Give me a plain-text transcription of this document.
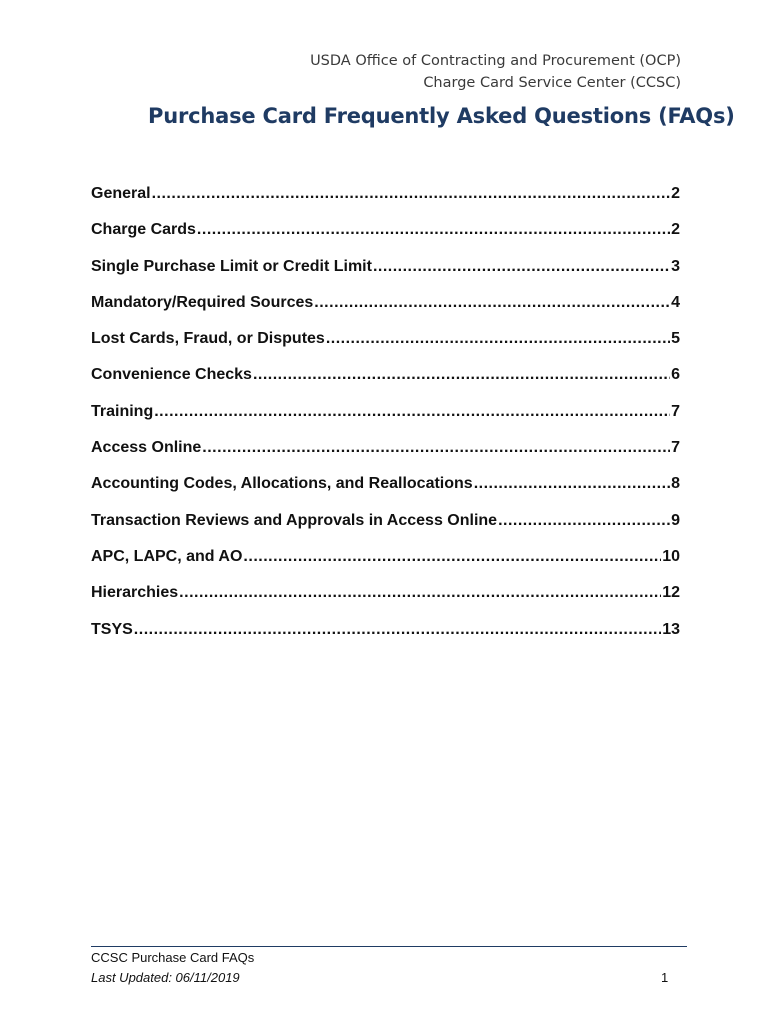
USDA Office of Contracting and Procurement (OCP)
Charge Card Service Center (CCSC)
Purchase Card Frequently Asked Questions (FAQs)
General .....	2
Charge Cards .....	2
Single Purchase Limit or Credit Limit .....	3
Mandatory/Required Sources .....	4
Lost Cards, Fraud, or Disputes .....	5
Convenience Checks .....	6
Training .....	7
Access Online .....	7
Accounting Codes, Allocations, and Reallocations .....	8
Transaction Reviews and Approvals in Access Online .....	9
APC, LAPC, and AO .....	10
Hierarchies .....	12
TSYS .....	13
CCSC Purchase Card FAQs
Last Updated: 06/11/2019	1
